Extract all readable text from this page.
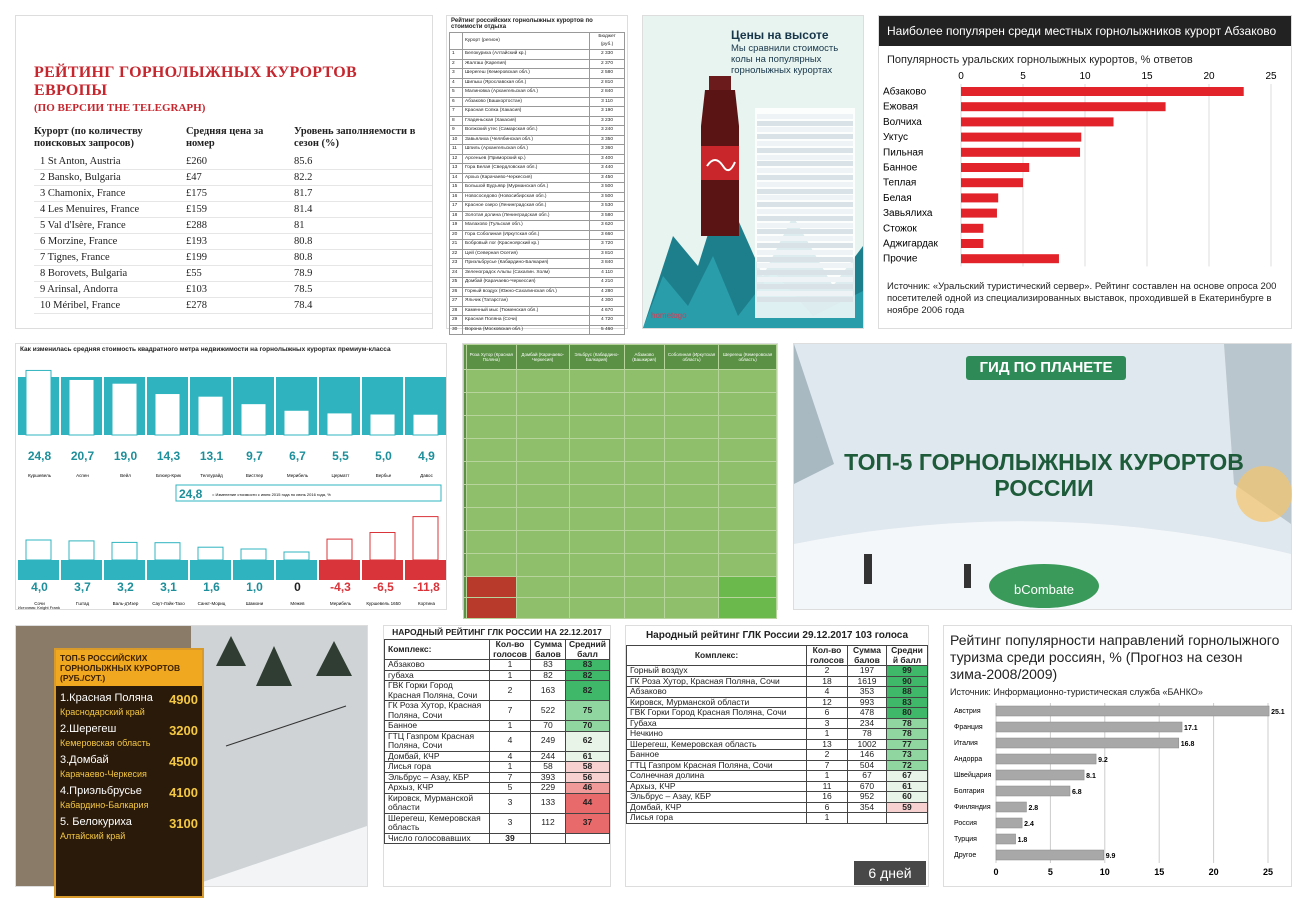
РЕЙТИНГ ГОРНОЛЫЖНЫХ КУРОРТОВ ЕВРОПЫ
(ПО ВЕРСИИ THE TELEGRAPH)
Курорт (по количеству поисковых запросов)	Средняя цена за номер	Уровень заполняемости в сезон (%)
1 St Anton, Austria	£260	85.6
2 Bansko, Bulgaria	£47	82.2
3 Chamonix, France	£175	81.7
4 Les Menuires, France	£159	81.4
5 Val d'Isère, France	£288	81
6 Morzine, France	£193	80.8
7 Tignes, France	£199	80.8
8 Borovets, Bulgaria	£55	78.9
9 Arinsal, Andorra	£103	78.5
10 Méribel, France	£278	78.4
Рейтинг российских горнолыжных курортов по стоимости отдыха
	Курорт (регион)	Бюджет (руб.)
1	Белокуриха (Алтайский кр.)	2 330
2	Жалгаш (Карелия)	2 370
3	Шерегеш (Кемеровская обл.)	2 580
4	Шипыш (Ярославская обл.)	2 810
5	Малиновка (Архангельская обл.)	2 840
6	Абзаково (Башкортостан)	3 110
7	Красная Сопка (Хакасия)	3 190
8	Гладеньская (Хакасия)	3 230
9	Волжский утес (Самарская обл.)	3 240
10	Завьялиха (Челябинская обл.)	3 350
11	Шпиль (Архангельская обл.)	3 360
12	Арсеньев (Приморский кр.)	3 400
13	Гора Белая (Свердловская обл.)	3 440
14	Архыз (Карачаево-Черкессия)	3 450
15	Большой Вудъявр (Мурманская обл.)	3 500
16	Новососедово (Новосибирская обл.)	3 500
17	Красное озеро (Ленинградская обл.)	3 530
18	Золотая долина (Ленинградская обл.)	3 580
19	Малахово (Тульская обл.)	3 620
20	Гора Соболиная (Иркутская обл.)	3 660
21	Бобровый лог (Красноярский кр.)	3 720
22	Цей (Северная Осетия)	3 810
23	Приэльбрусье (Кабардино-Балкария)	3 840
24	Зеленоградск Альпы (Сахалин. Холм)	4 110
25	Домбай (Карачаево-Черкессия)	4 210
26	Горный воздух (Южно-Сахалинская обл.)	4 280
27	Яльчик (Татарстан)	4 300
28	Каменный мыс (Тюменская обл.)	4 670
29	Красная Поляна (Сочи)	4 720
30	Ворона (Московская обл.)	5 460
Цены на высоте
Мы сравнили стоимость колы на популярных горнолыжных курортах
hometogo
Наиболее популярен среди местных горнолыжников курорт Абзаково
Популярность уральских горнолыжных курортов, % ответов
0	5	10	15	20	25
Абзаково
Ежовая
Волчиха
Уктус
Пильная
Банное
Теплая
Белая
Завьялиха
Стожок
Аджигардак
Прочие
Источник: «Уральский туристический сервер». Рейтинг составлен на основе опроса 200 посетителей одной из специализированных выставок, проходившей в Екатеринбурге в ноябре 2006 года
Как изменилась средняя стоимость квадратного метра недвижимости на горнолыжных курортах премиум-класса
24,8
Куршевель
20,7
Аспен
19,0
Вейл
14,3
Блюер-Крик
13,1
Теллурайд
9,7
Вистлер
6,7
Мерибель
5,5
Церматт
5,0
Вербье
4,9
Давос
24,8 = Изменение стоимости с июня 2015 года по июнь 2016 года, %
4,0
Сочи
3,7
Гштад
3,2
Валь-д'Изер
3,1
Саут-Лэйк-Тахо
1,6
Санкт-Мориц
1,0
Шамони
0
Межев
-4,3
Мерибель
-6,5
Куршевель 1650
-11,8
Кортина
Источник: Knight Frank
	Роза Хутор (Красная Поляна)	Домбай (Карачаево-Черкесия)	Эльбрус (Кабардино-Балкария)	Абзаково (Башкирия)	Соболиная (Иркутская область)	Шерегеш (Кемеровская область)

							ГИД ПО ПЛАНЕТЕ
ТОП-5 ГОРНОЛЫЖНЫХ КУРОРТОВ РОССИИ
bCombate
ТОП-5 РОССИЙСКИХ ГОРНОЛЫЖНЫХ КУРОРТОВ (РУБ./СУТ.)
1.Красная Поляна 4900
Краснодарский край
2.Шерегеш	3200
Кемеровская область
3.Домбай	4500
Карачаево-Черкесия
4.Приэльбрусье 4100
Кабардино-Балкария
5. Белокуриха	3100
Алтайский край
НАРОДНЫЙ РЕЙТИНГ ГЛК РОССИИ НА 22.12.2017
Комплекс:	Кол-во голосов	Сумма балов	Средний балл
Абзаково	1	83	83
губаха	1	82	82
ГВК Горки Город Красная Поляна, Сочи	2	163	82
ГК Роза Хутор, Красная Поляна, Сочи	7	522	75
Банное	1	70	70
ГТЦ Газпром Красная Поляна, Сочи	4	249	62
Домбай, КЧР	4	244	61
Лисья гора	1	58	58
Эльбрус – Азау, КБР	7	393	56
Архыз, КЧР	5	229	46
Кировск, Мурманской области	3	133	44
Шерегеш, Кемеровская область	3	112	37
Число голосовавших	39		
Народный рейтинг ГЛК России 29.12.2017 103 голоса
Комплекс:	Кол-во голосов	Сумма балов	Средни й балл
Горный воздух	2	197	99
ГК Роза Хутор, Красная Поляна, Сочи	18	1619	90
Абзаково	4	353	88
Кировск, Мурманской области	12	993	83
ГВК Горки Город Красная Поляна, Сочи	6	478	80
Губаха	3	234	78
Нечкино	1	78	78
Шерегеш, Кемеровская область	13	1002	77
Банное	2	146	73
ГТЦ Газпром Красная Поляна, Сочи	7	504	72
Солнечная долина	1	67	67
Архыз, КЧР	11	670	61
Эльбрус – Азау, КБР	16	952	60
Домбай, КЧР	6	354	59
Лисья гора	1		
6 дней
Рейтинг популярности направлений горнолыжного туризма среди россиян, % (Прогноз на сезон зима-2008/2009)
Источник: Информационно-туристическая служба «БАНКО»
0	5	10	15	20	25
Австрия	25.1
Франция	17.1
Италия	16.8
Андорра	9.2
Швейцария	8.1
Болгария	6.8
Финляндия	2.8
Россия	2.4
Турция	1.8
Другое	9.9
